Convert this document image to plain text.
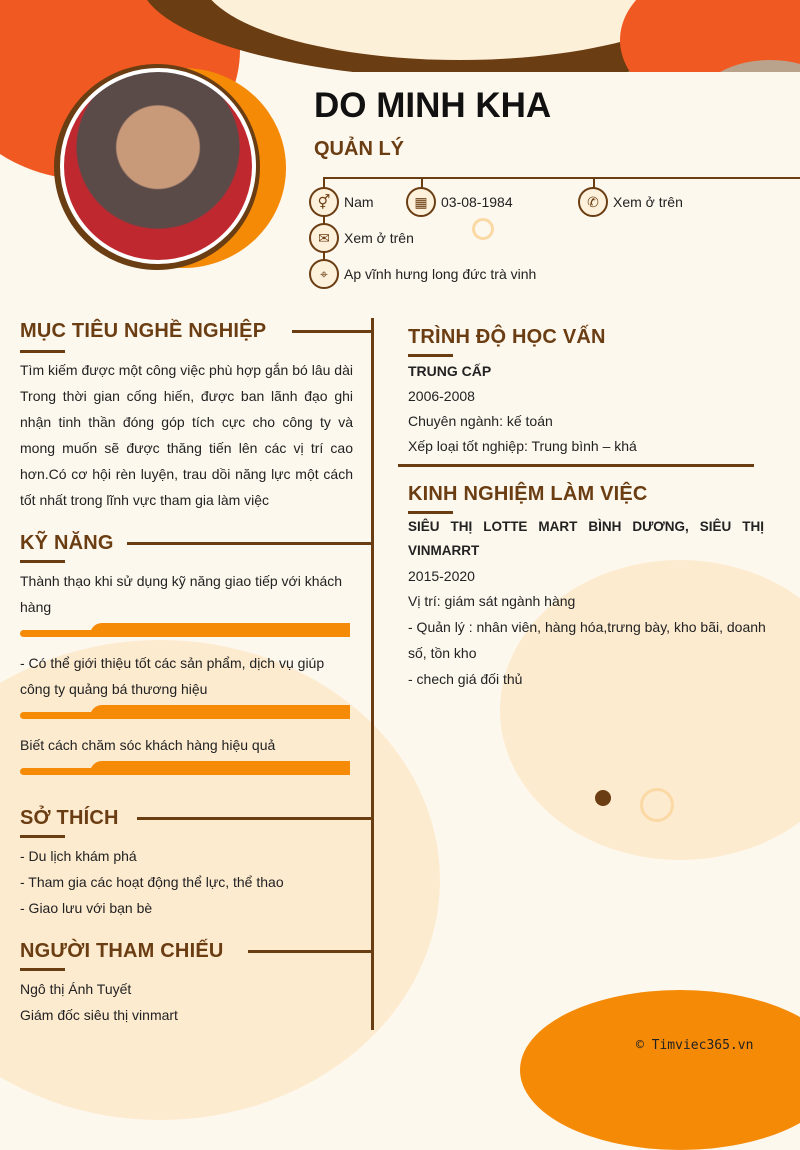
DO MINH KHA
QUẢN LÝ
⚥ Nam	▦ 03-08-1984	✆	Xem ở trên
✉	Xem ở trên
⌖	Ap vĩnh hưng long đức trà vinh
MỤC TIÊU NGHỀ NGHIỆP
Tìm kiếm được một công việc phù hợp gắn bó lâu dài Trong thời gian cống hiến, được ban lãnh đạo ghi nhận tinh thần đóng góp tích cực cho công ty và mong muốn sẽ được thăng tiến lên các vị trí cao hơn.Có cơ hội rèn luyện, trau dồi năng lực một cách tốt nhất trong lĩnh vực tham gia làm việc
KỸ NĂNG
Thành thạo khi sử dụng kỹ năng giao tiếp với khách hàng
- Có thể giới thiệu tốt các sản phẩm, dịch vụ giúp công ty quảng bá thương hiệu
Biết cách chăm sóc khách hàng hiệu quả
SỞ THÍCH
- Du lịch khám phá
- Tham gia các hoạt động thể lực, thể thao
- Giao lưu với bạn bè
NGƯỜI THAM CHIẾU
Ngô thị Ánh Tuyết
Giám đốc siêu thị vinmart
TRÌNH ĐỘ HỌC VẤN
TRUNG CẤP
2006-2008
Chuyên ngành: kế toán
Xếp loại tốt nghiệp: Trung bình – khá
KINH NGHIỆM LÀM VIỆC
SIÊU THỊ LOTTE MART BÌNH DƯƠNG, SIÊU THỊ VINMARRT
2015-2020
Vị trí: giám sát ngành hàng
- Quản lý : nhân viên, hàng hóa,trưng bày, kho bãi, doanh số, tồn kho
- chech giá đối thủ
© Timviec365.vn
